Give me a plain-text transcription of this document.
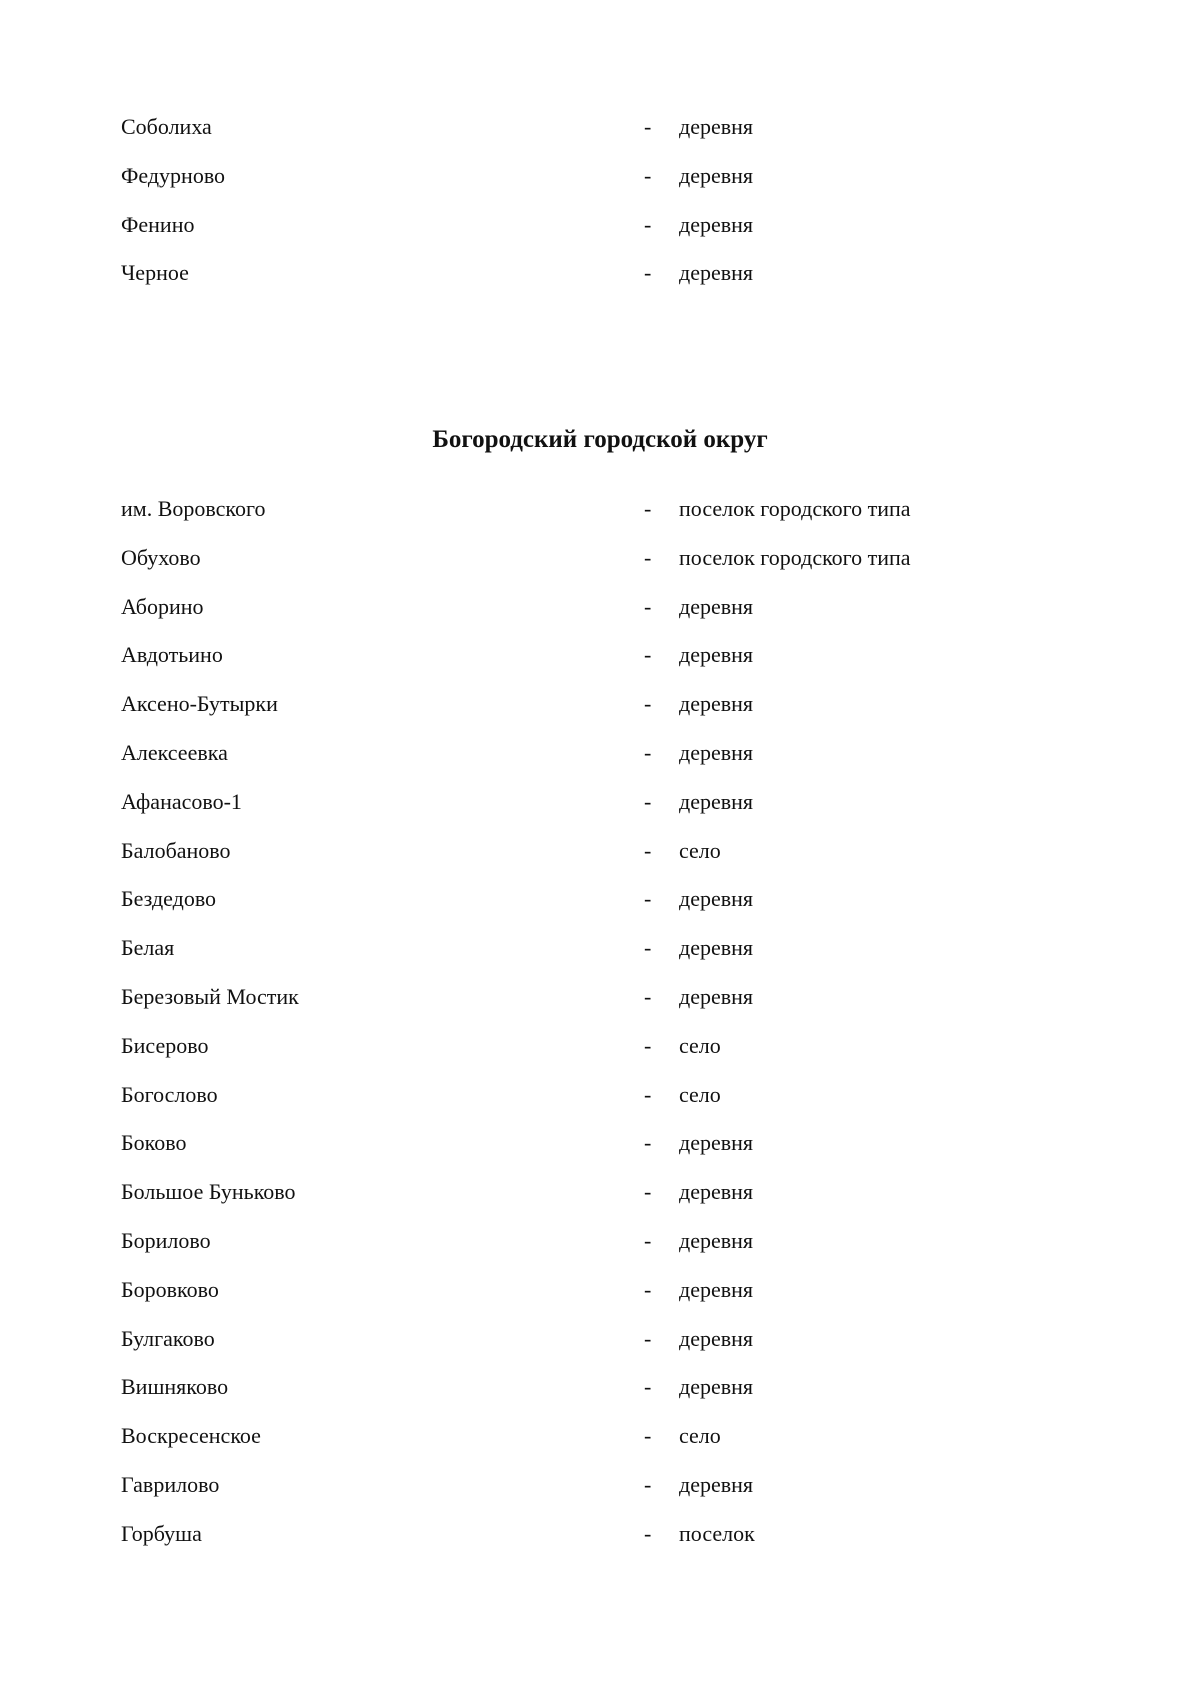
Соболиха	- деревня
Федурново	- деревня
Фенино	- деревня
Черное	- деревня
Богородский городской округ
им. Воровского	- поселок городского типа
Обухово	- поселок городского типа
Аборино	- деревня
Авдотьино	- деревня
Аксено-Бутырки	- деревня
Алексеевка	- деревня
Афанасово-1	- деревня
Балобаново	- село
Бездедово	- деревня
Белая	- деревня
Березовый Мостик	- деревня
Бисерово	- село
Богослово	- село
Боково	- деревня
Большое Буньково	- деревня
Борилово	- деревня
Боровково	- деревня
Булгаково	- деревня
Вишняково	- деревня
Воскресенское	- село
Гаврилово	- деревня
Горбуша	- поселок
